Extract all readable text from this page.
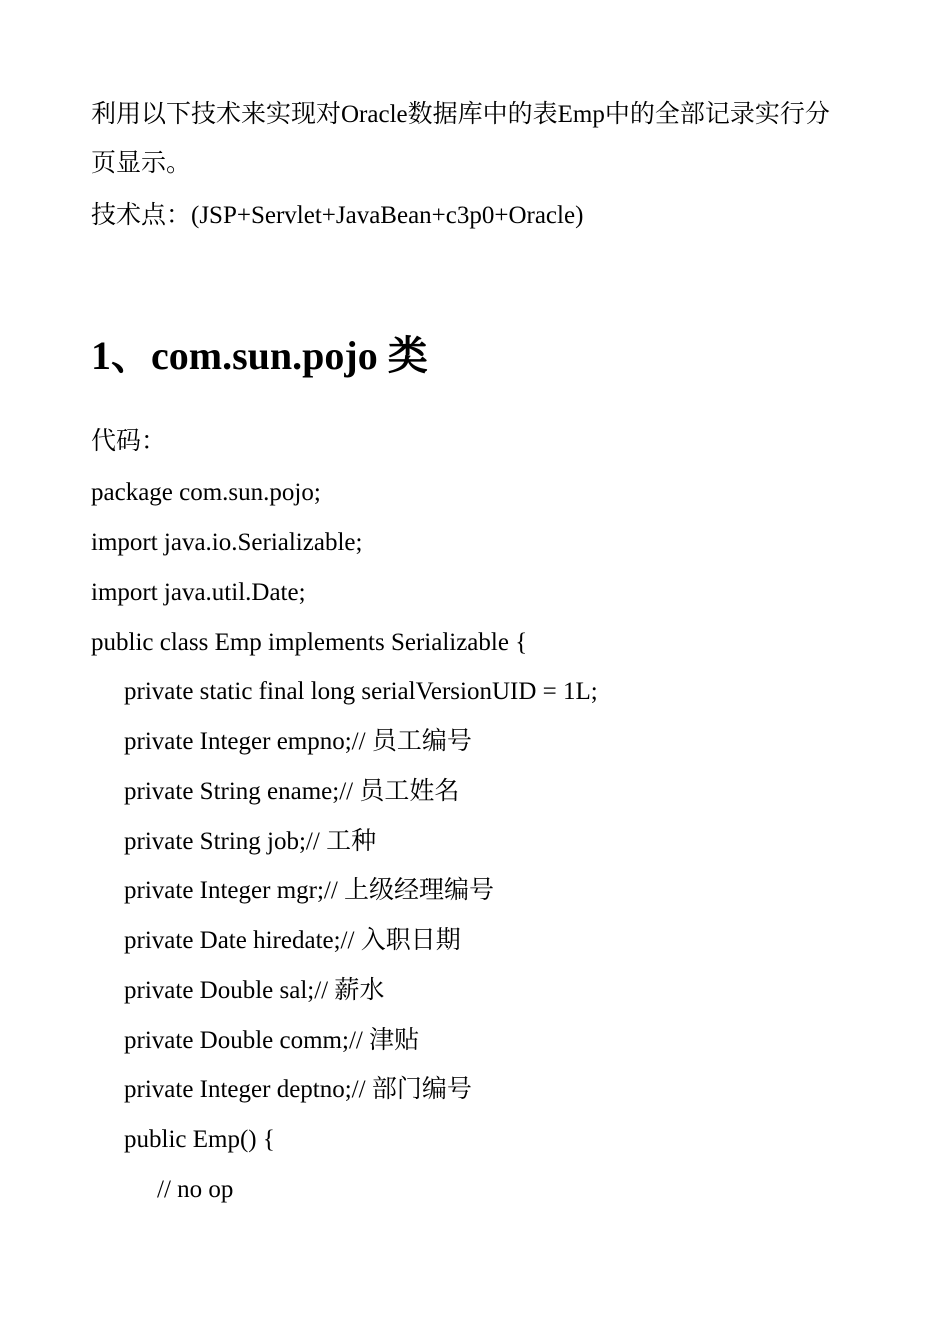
利用以下技术来实现对Oracle数据库中的表Emp中的全部记录实行分
页显示。
技术点：(JSP+Servlet+JavaBean+c3p0+Oracle)
1、com.sun.pojo 类
代码：
package com.sun.pojo;
import java.io.Serializable;
import java.util.Date;
public class Emp implements Serializable {
private static final long serialVersionUID = 1L;
private Integer empno;// 员工编号
private String ename;// 员工姓名
private String job;// 工种
private Integer mgr;// 上级经理编号
private Date hiredate;// 入职日期
private Double sal;// 薪水
private Double comm;// 津贴
private Integer deptno;// 部门编号
public Emp() {
// no op
